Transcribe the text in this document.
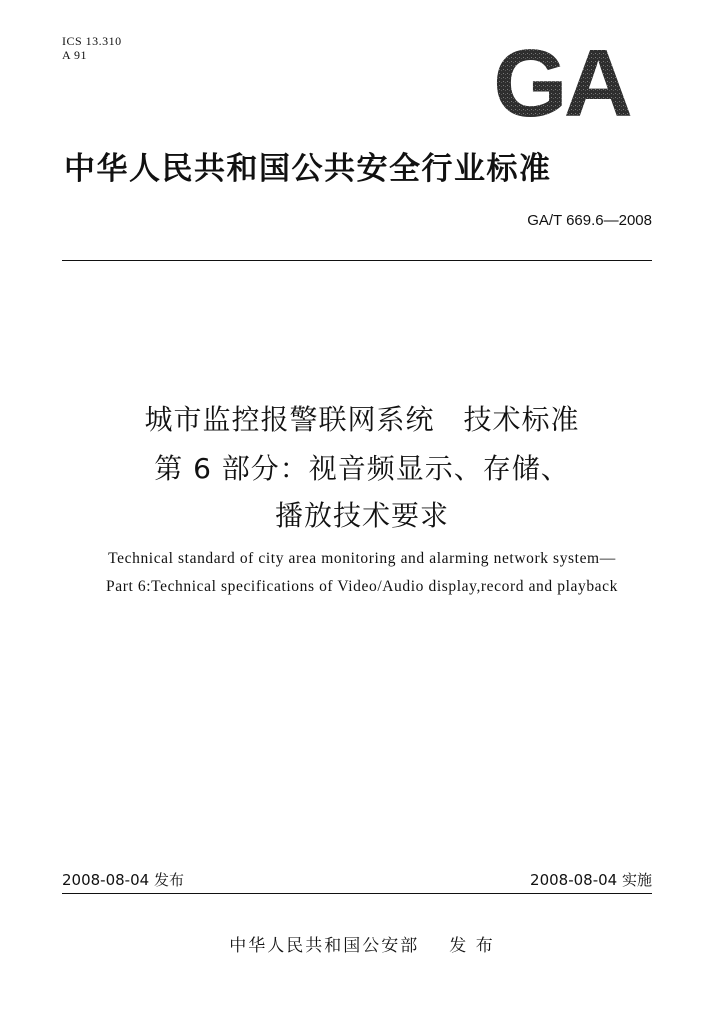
ICS 13.310
A 91	GA
中华人民共和国公共安全行业标准
GA/T 669.6—2008
城市监控报警联网系统　技术标准
第 6 部分：视音频显示、存储、
播放技术要求
Technical standard of city area monitoring and alarming network system—
Part 6:Technical specifications of Video/Audio display,record and playback
2008-08-04 发布	2008-08-04 实施
中华人民共和国公安部 发 布
